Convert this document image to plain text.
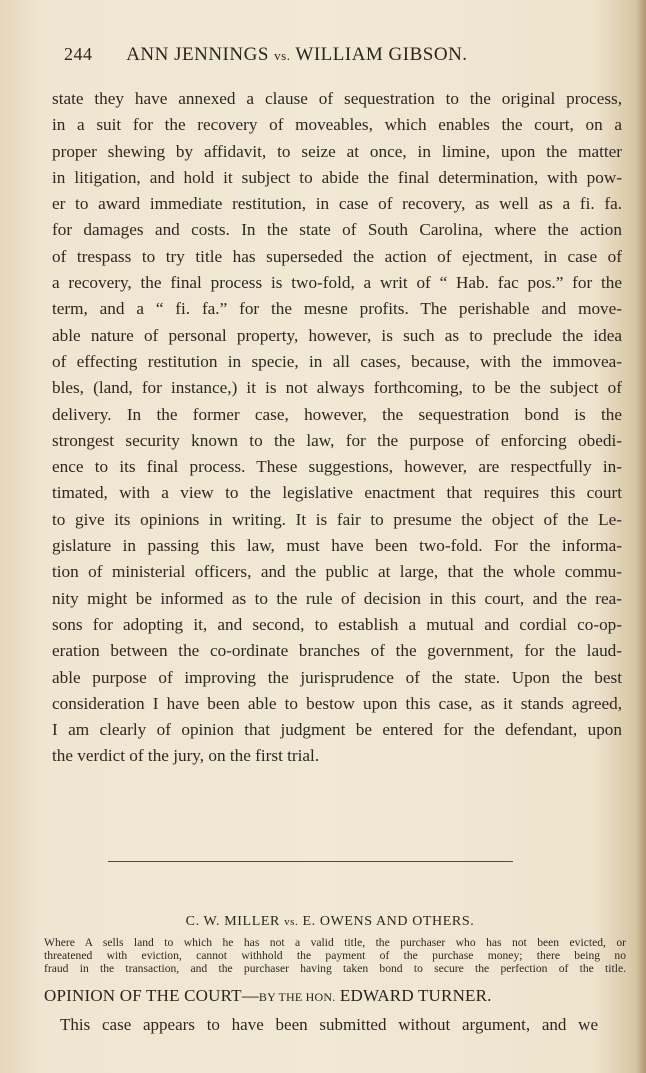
244 ANN JENNINGS vs. WILLIAM GIBSON.
state they have annexed a clause of sequestration to the original process,
in a suit for the recovery of moveables, which enables the court, on a
proper shewing by affidavit, to seize at once, in limine, upon the matter
in litigation, and hold it subject to abide the final determination, with pow-
er to award immediate restitution, in case of recovery, as well as a fi. fa.
for damages and costs. In the state of South Carolina, where the action
of trespass to try title has superseded the action of ejectment, in case of
a recovery, the final process is two-fold, a writ of “ Hab. fac pos.” for the
term, and a “ fi. fa.” for the mesne profits. The perishable and move-
able nature of personal property, however, is such as to preclude the idea
of effecting restitution in specie, in all cases, because, with the immovea-
bles, (land, for instance,) it is not always forthcoming, to be the subject of
delivery. In the former case, however, the sequestration bond is the
strongest security known to the law, for the purpose of enforcing obedi-
ence to its final process. These suggestions, however, are respectfully in-
timated, with a view to the legislative enactment that requires this court
to give its opinions in writing. It is fair to presume the object of the Le-
gislature in passing this law, must have been two-fold. For the informa-
tion of ministerial officers, and the public at large, that the whole commu-
nity might be informed as to the rule of decision in this court, and the rea-
sons for adopting it, and second, to establish a mutual and cordial co-op-
eration between the co-ordinate branches of the government, for the laud-
able purpose of improving the jurisprudence of the state. Upon the best
consideration I have been able to bestow upon this case, as it stands agreed,
I am clearly of opinion that judgment be entered for the defendant, upon
the verdict of the jury, on the first trial.
C. W. MILLER vs. E. OWENS AND OTHERS.
Where A sells land to which he has not a valid title, the purchaser who has not been evicted, or
threatened with eviction, cannot withhold the payment of the purchase money; there being no
fraud in the transaction, and the purchaser having taken bond to secure the perfection of the title.
OPINION OF THE COURT—BY THE HON. EDWARD TURNER.
This case appears to have been submitted without argument, and we
